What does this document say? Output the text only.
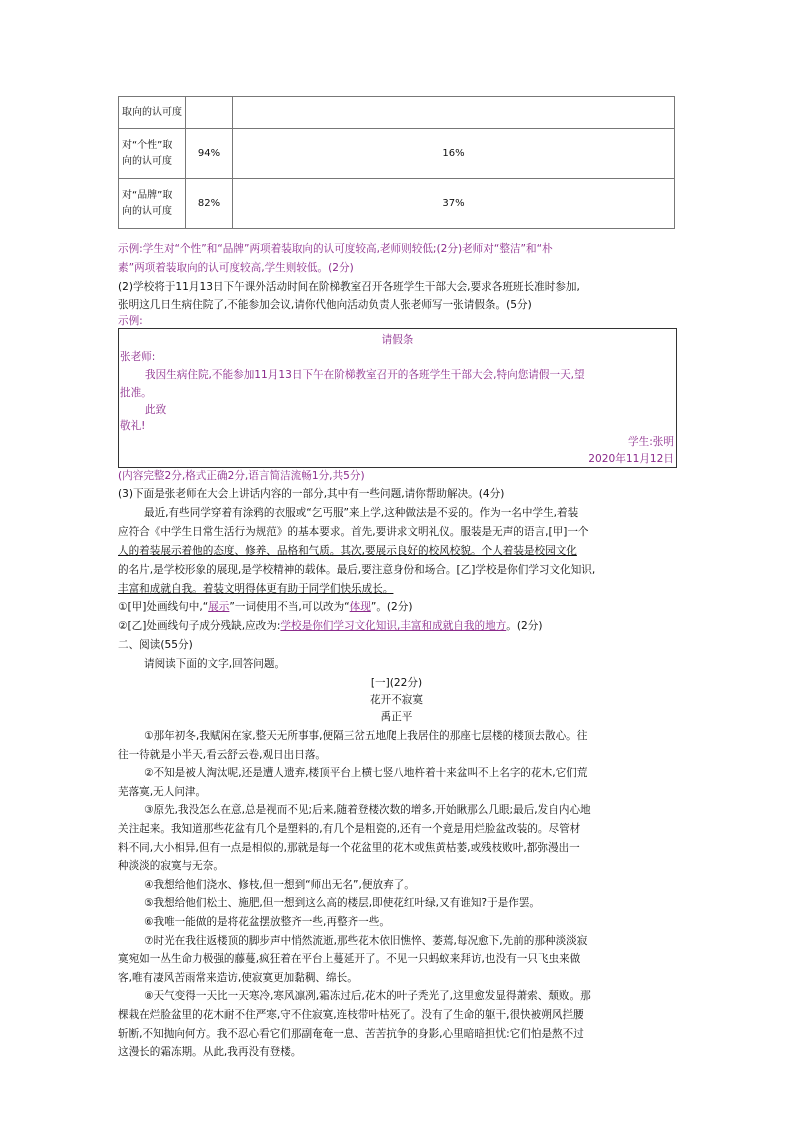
取向的认可度		
对“个性”取向的认可度	94%	16%
对“品牌”取向的认可度	82%	37%
示例:学生对“个性”和“品牌”两项着装取向的认可度较高,老师则较低;(2分)老师对“整洁”和“朴
素”两项着装取向的认可度较高,学生则较低。(2分)
(2)学校将于11月13日下午课外活动时间在阶梯教室召开各班学生干部大会,要求各班班长准时参加,
张明这几日生病住院了,不能参加会议,请你代他向活动负责人张老师写一张请假条。(5分)
示例:
请假条
张老师:
我因生病住院,不能参加11月13日下午在阶梯教室召开的各班学生干部大会,特向您请假一天,望
批准。
此致
敬礼!
学生:张明
2020年11月12日
(内容完整2分,格式正确2分,语言简洁流畅1分,共5分)
(3)下面是张老师在大会上讲话内容的一部分,其中有一些问题,请你帮助解决。(4分)
最近,有些同学穿着有涂鸦的衣服或“乞丐服”来上学,这种做法是不妥的。作为一名中学生,着装
应符合《中学生日常生活行为规范》的基本要求。首先,要讲求文明礼仪。服装是无声的语言,[甲]一个
人的着装展示着他的态度、修养、品格和气质。其次,要展示良好的校风校貌。个人着装是校园文化
的名片,是学校形象的展现,是学校精神的载体。最后,要注意身份和场合。[乙]学校是你们学习文化知识,
丰富和成就自我。着装文明得体更有助于同学们快乐成长。
①[甲]处画线句中,“展示”一词使用不当,可以改为“体现”。(2分)
②[乙]处画线句子成分残缺,应改为:学校是你们学习文化知识,丰富和成就自我的地方。(2分)
二、阅读(55分)
请阅读下面的文字,回答问题。
[一](22分)
花开不寂寞
禹正平
①那年初冬,我赋闲在家,整天无所事事,便隔三岔五地爬上我居住的那座七层楼的楼顶去散心。往
往一待就是小半天,看云舒云卷,观日出日落。
②不知是被人淘汰呢,还是遭人遗弃,楼顶平台上横七竖八地杵着十来盆叫不上名字的花木,它们荒
芜落寞,无人问津。
③原先,我没怎么在意,总是视而不见;后来,随着登楼次数的增多,开始瞅那么几眼;最后,发自内心地
关注起来。我知道那些花盆有几个是塑料的,有几个是粗瓷的,还有一个竟是用烂脸盆改装的。尽管材
料不同,大小相异,但有一点是相似的,那就是每一个花盆里的花木或焦黄枯萎,或残枝败叶,都弥漫出一
种淡淡的寂寞与无奈。
④我想给他们浇水、修枝,但一想到“师出无名”,便放弃了。
⑤我想给他们松土、施肥,但一想到这么高的楼层,即使花红叶绿,又有谁知?于是作罢。
⑥我唯一能做的是将花盆摆放整齐一些,再整齐一些。
⑦时光在我往返楼顶的脚步声中悄然流逝,那些花木依旧憔悴、萎蔫,每况愈下,先前的那种淡淡寂
寞宛如一丛生命力极强的藤蔓,疯狂着在平台上蔓延开了。不见一只蚂蚁来拜访,也没有一只飞虫来做
客,唯有凄风苦雨常来造访,使寂寞更加黏稠、绵长。
⑧天气变得一天比一天寒冷,寒风凛冽,霜冻过后,花木的叶子秃光了,这里愈发显得萧索、颓败。那
棵栽在烂脸盆里的花木耐不住严寒,守不住寂寞,连枝带叶枯死了。没有了生命的躯干,很快被朔风拦腰
斩断,不知抛向何方。我不忍心看它们那副奄奄一息、苦苦抗争的身影,心里暗暗担忧:它们怕是熬不过
这漫长的霜冻期。从此,我再没有登楼。
